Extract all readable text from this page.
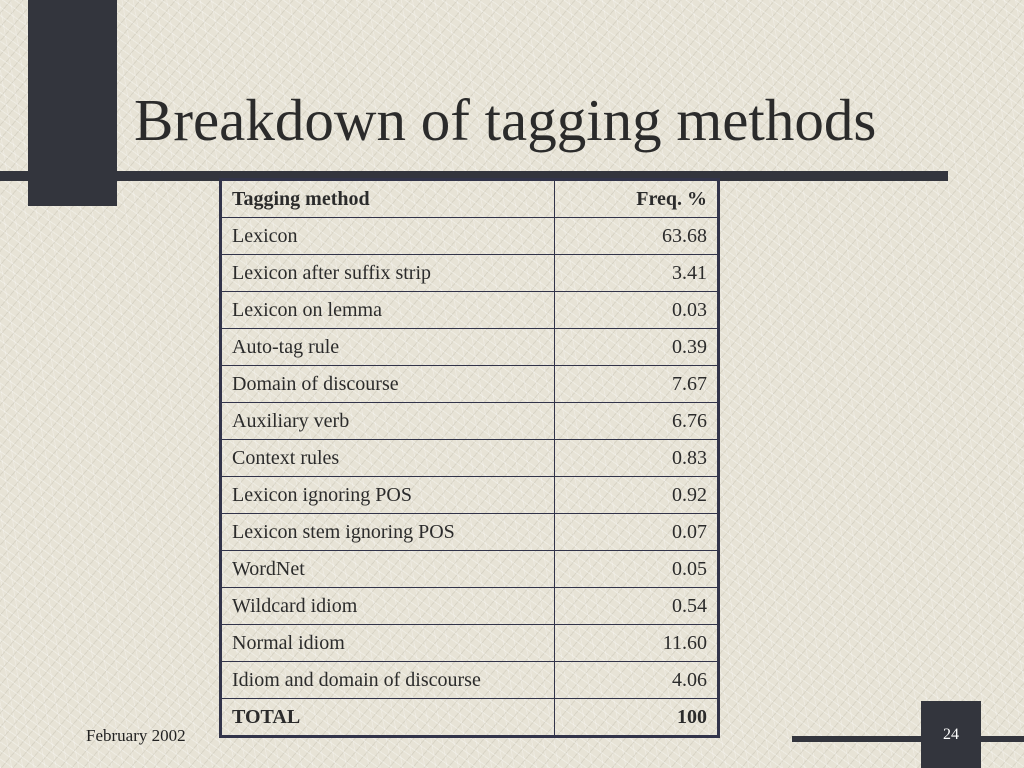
Breakdown of tagging methods
Tagging method	Freq. %
Lexicon	63.68
Lexicon after suffix strip	3.41
Lexicon on lemma	0.03
Auto-tag rule	0.39
Domain of discourse	7.67
Auxiliary verb	6.76
Context rules	0.83
Lexicon ignoring POS	0.92
Lexicon stem ignoring POS	0.07
WordNet	0.05
Wildcard idiom	0.54
Normal idiom	11.60
Idiom and domain of discourse	4.06
TOTAL	100
February 2002	24
